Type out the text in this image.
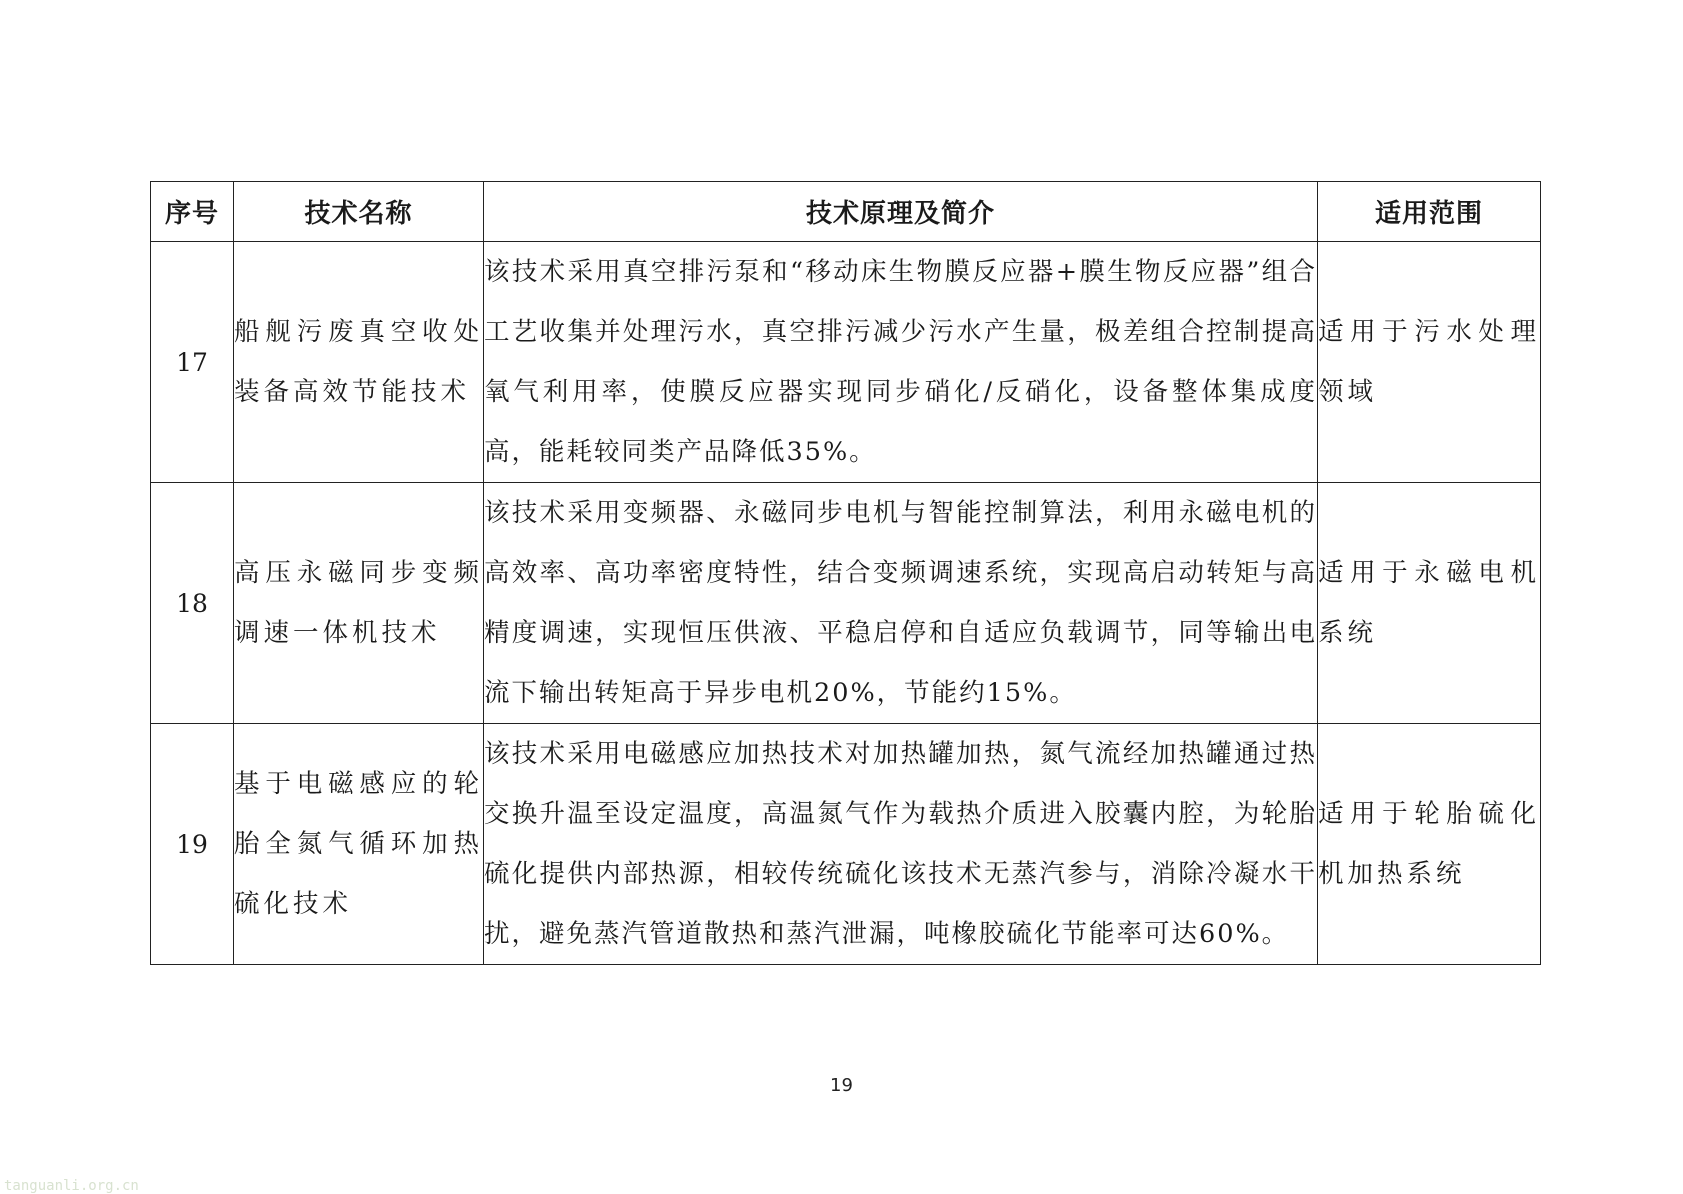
序号	技术名称	技术原理及简介	适用范围
17	船舰污废真空收处装备高效节能技术	该技术采用真空排污泵和“移动床生物膜反应器+膜生物反应器”组合工艺收集并处理污水，真空排污减少污水产生量，极差组合控制提高氧气利用率，使膜反应器实现同步硝化/反硝化，设备整体集成度高，能耗较同类产品降低35%。	适用于污水处理领域
18	高压永磁同步变频调速一体机技术	该技术采用变频器、永磁同步电机与智能控制算法，利用永磁电机的高效率、高功率密度特性，结合变频调速系统，实现高启动转矩与高精度调速，实现恒压供液、平稳启停和自适应负载调节，同等输出电流下输出转矩高于异步电机20%，节能约15%。	适用于永磁电机系统
19	基于电磁感应的轮胎全氮气循环加热硫化技术	该技术采用电磁感应加热技术对加热罐加热，氮气流经加热罐通过热交换升温至设定温度，高温氮气作为载热介质进入胶囊内腔，为轮胎硫化提供内部热源，相较传统硫化该技术无蒸汽参与，消除冷凝水干扰，避免蒸汽管道散热和蒸汽泄漏，吨橡胶硫化节能率可达60%。	适用于轮胎硫化机加热系统
19
tanguanli.org.cn
